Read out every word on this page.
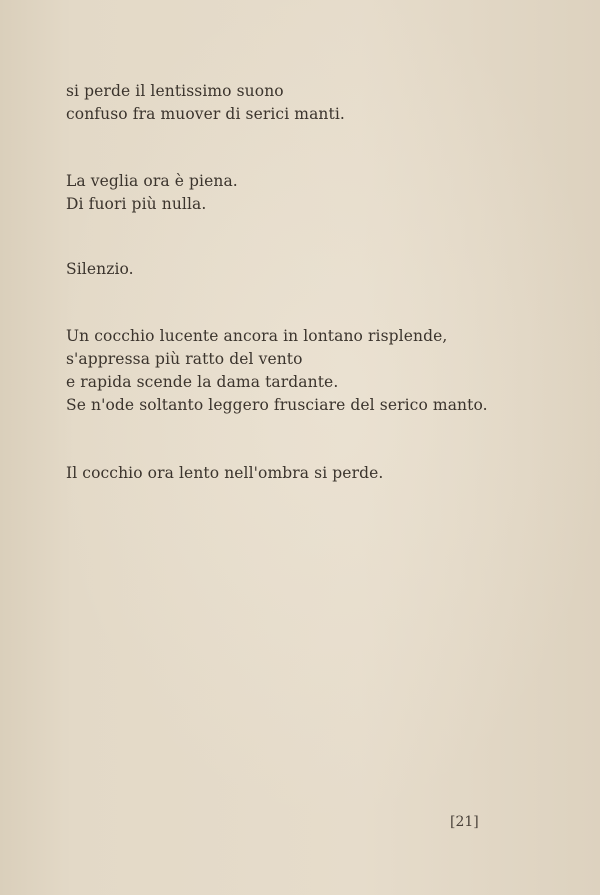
si perde il lentissimo suono
confuso fra muover di serici manti.
La veglia ora è piena.
Di fuori più nulla.
Silenzio.
Un cocchio lucente ancora in lontano risplende,
s'appressa più ratto del vento
e rapida scende la dama tardante.
Se n'ode soltanto leggero frusciare del serico manto.
Il cocchio ora lento nell'ombra si perde.
[21]
